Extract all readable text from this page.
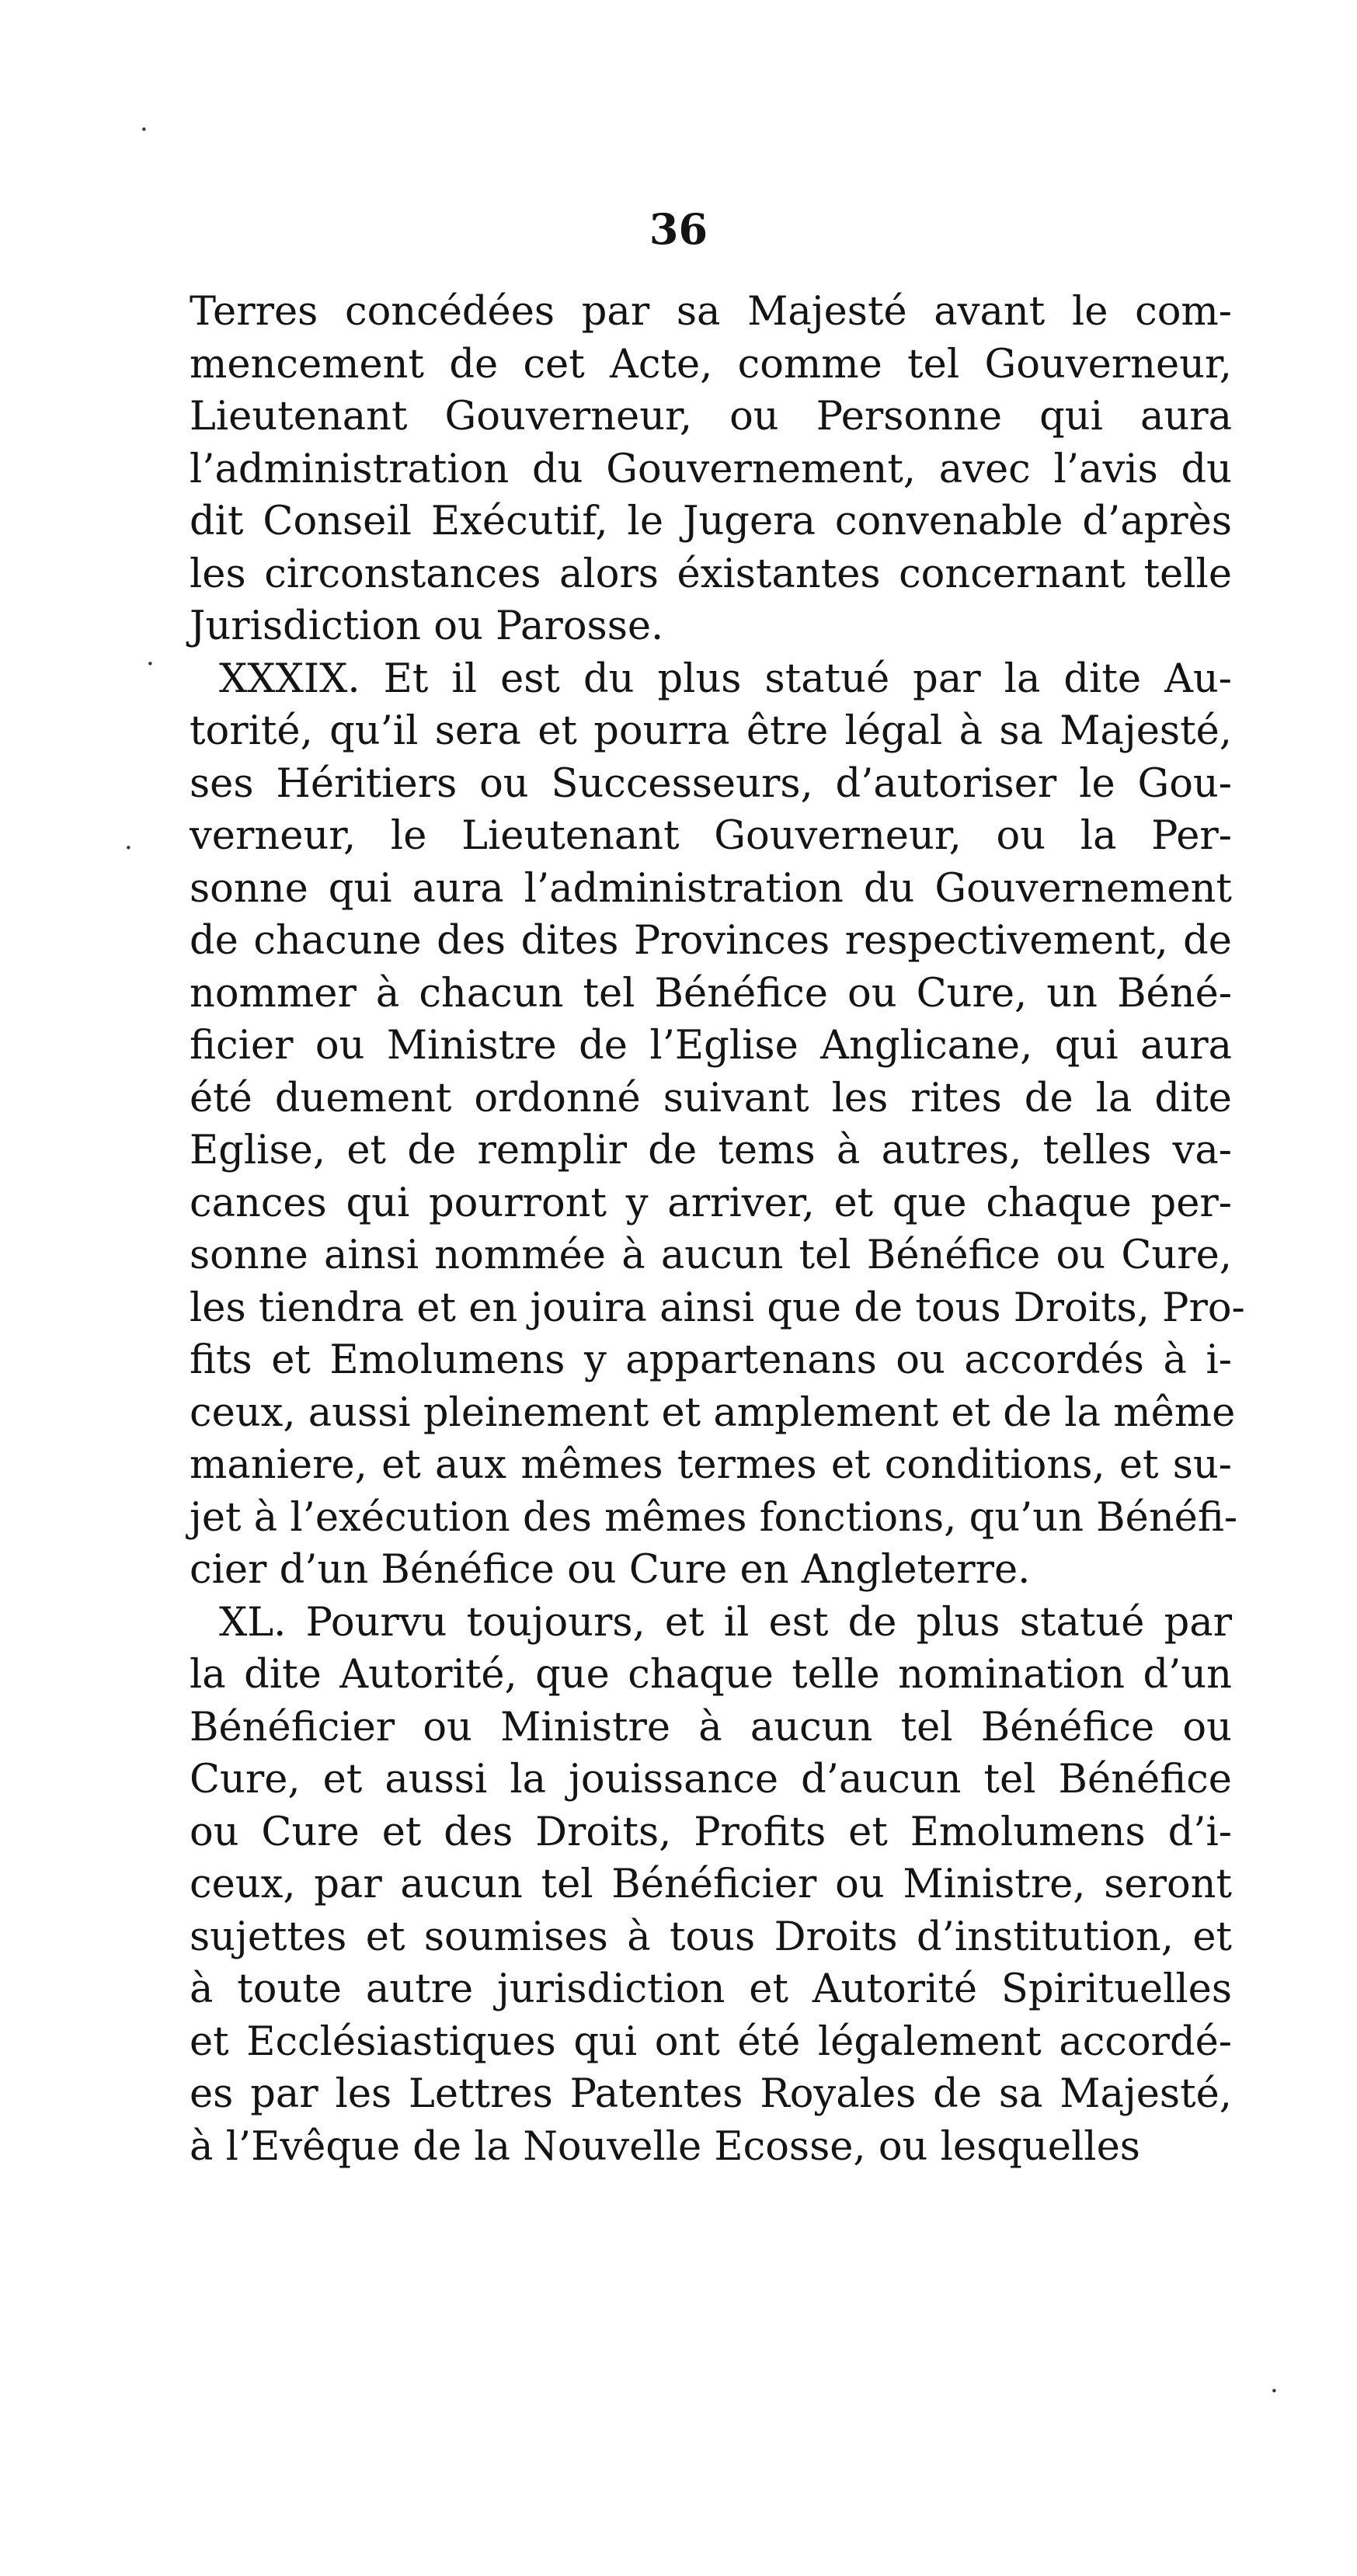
36
Terres concédées par sa Majesté avant le com-
mencement de cet Acte, comme tel Gouverneur,
Lieutenant Gouverneur, ou Personne qui aura
l’administration du Gouvernement, avec l’avis du
dit Conseil Exécutif, le Jugera convenable d’après
les circonstances alors éxistantes concernant telle
Jurisdiction ou Parosse.
XXXIX. Et il est du plus statué par la dite Au-
torité, qu’il sera et pourra être légal à sa Majesté,
ses Héritiers ou Successeurs, d’autoriser le Gou-
verneur, le Lieutenant Gouverneur, ou la Per-
sonne qui aura l’administration du Gouvernement
de chacune des dites Provinces respectivement, de
nommer à chacun tel Bénéfice ou Cure, un Béné-
ficier ou Ministre de l’Eglise Anglicane, qui aura
été duement ordonné suivant les rites de la dite
Eglise, et de remplir de tems à autres, telles va-
cances qui pourront y arriver, et que chaque per-
sonne ainsi nommée à aucun tel Bénéfice ou Cure,
les tiendra et en jouira ainsi que de tous Droits, Pro-
fits et Emolumens y appartenans ou accordés à i-
ceux, aussi pleinement et amplement et de la même
maniere, et aux mêmes termes et conditions, et su-
jet à l’exécution des mêmes fonctions, qu’un Bénéfi-
cier d’un Bénéfice ou Cure en Angleterre.
XL. Pourvu toujours, et il est de plus statué par
la dite Autorité, que chaque telle nomination d’un
Bénéficier ou Ministre à aucun tel Bénéfice ou
Cure, et aussi la jouissance d’aucun tel Bénéfice
ou Cure et des Droits, Profits et Emolumens d’i-
ceux, par aucun tel Bénéficier ou Ministre, seront
sujettes et soumises à tous Droits d’institution, et
à toute autre jurisdiction et Autorité Spirituelles
et Ecclésiastiques qui ont été légalement accordé-
es par les Lettres Patentes Royales de sa Majesté,
à l’Evêque de la Nouvelle Ecosse, ou lesquelles
·
·
·
·
